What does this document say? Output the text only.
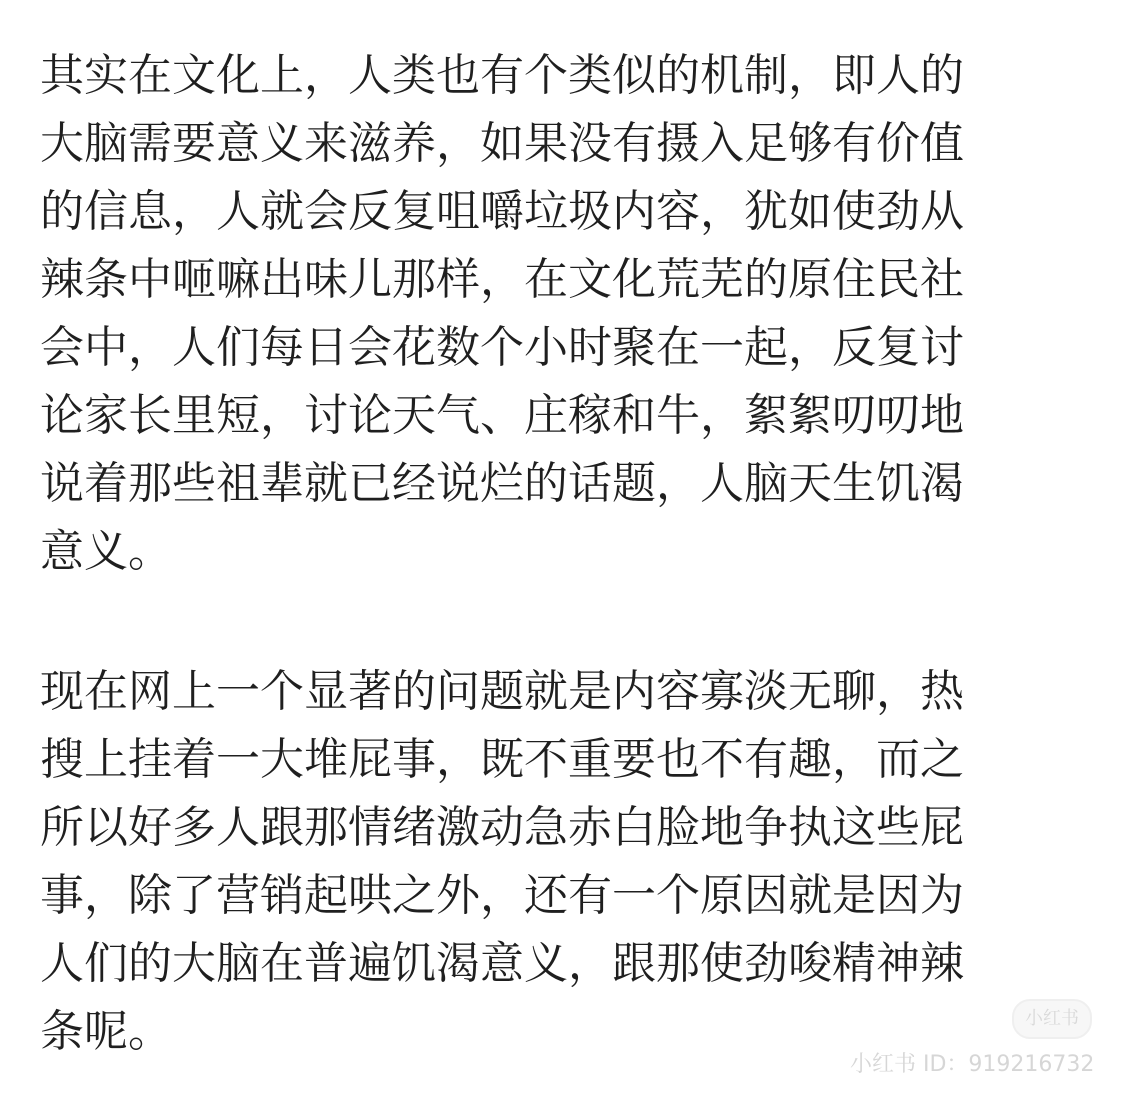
其实在文化上，人类也有个类似的机制，即人的
大脑需要意义来滋养，如果没有摄入足够有价值
的信息，人就会反复咀嚼垃圾内容，犹如使劲从
辣条中咂嘛出味儿那样，在文化荒芜的原住民社
会中，人们每日会花数个小时聚在一起，反复讨
论家长里短，讨论天气、庄稼和牛，絮絮叨叨地
说着那些祖辈就已经说烂的话题，人脑天生饥渴
意义。
现在网上一个显著的问题就是内容寡淡无聊，热
搜上挂着一大堆屁事，既不重要也不有趣，而之
所以好多人跟那情绪激动急赤白脸地争执这些屁
事，除了营销起哄之外，还有一个原因就是因为
人们的大脑在普遍饥渴意义，跟那使劲唆精神辣
条呢。	小红书
小红书 ID：919216732
